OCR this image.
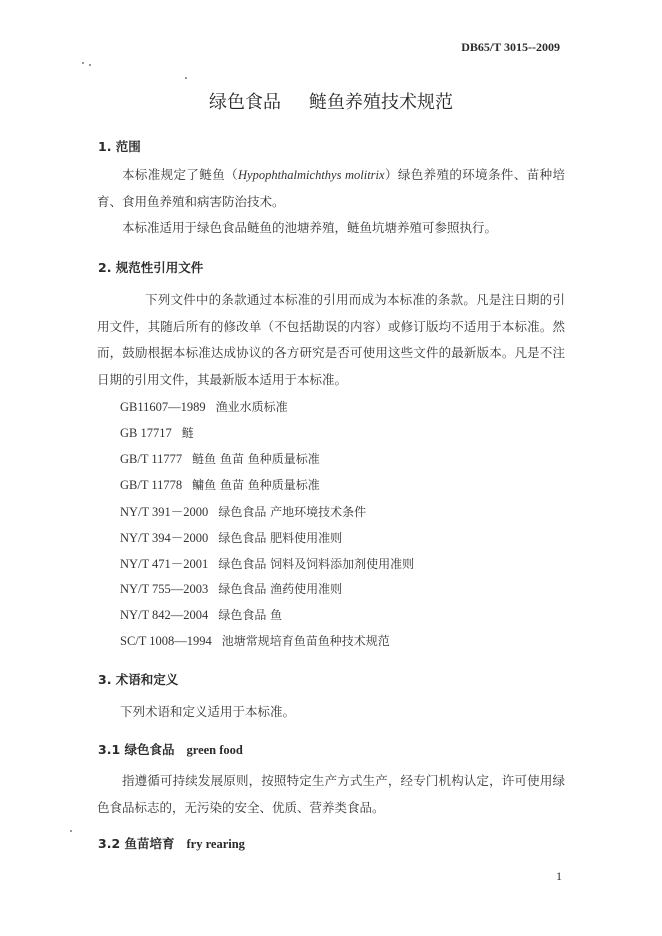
DB65/T 3015--2009
绿色食品 鲢鱼养殖技术规范
1. 范围
本标准规定了鲢鱼（Hypophthalmichthys molitrix）绿色养殖的环境条件、苗种培育、食用鱼养殖和病害防治技术。
本标准适用于绿色食品鲢鱼的池塘养殖，鲢鱼坑塘养殖可参照执行。
2. 规范性引用文件
下列文件中的条款通过本标准的引用而成为本标准的条款。凡是注日期的引用文件，其随后所有的修改单（不包括勘误的内容）或修订版均不适用于本标准。然而，鼓励根据本标准达成协议的各方研究是否可使用这些文件的最新版本。凡是不注日期的引用文件，其最新版本适用于本标准。
GB11607—1989 渔业水质标准
GB 17717 鲢
GB/T 11777 鲢鱼 鱼苗 鱼种质量标准
GB/T 11778 鳙鱼 鱼苗 鱼种质量标准
NY/T 391－2000 绿色食品 产地环境技术条件
NY/T 394－2000 绿色食品 肥料使用准则
NY/T 471－2001 绿色食品 饲料及饲料添加剂使用准则
NY/T 755—2003 绿色食品 渔药使用准则
NY/T 842—2004 绿色食品 鱼
SC/T 1008—1994 池塘常规培育鱼苗鱼种技术规范
3. 术语和定义
下列术语和定义适用于本标准。
3.1 绿色食品 green food
指遵循可持续发展原则，按照特定生产方式生产，经专门机构认定，许可使用绿色食品标志的，无污染的安全、优质、营养类食品。
3.2 鱼苗培育 fry rearing
1
